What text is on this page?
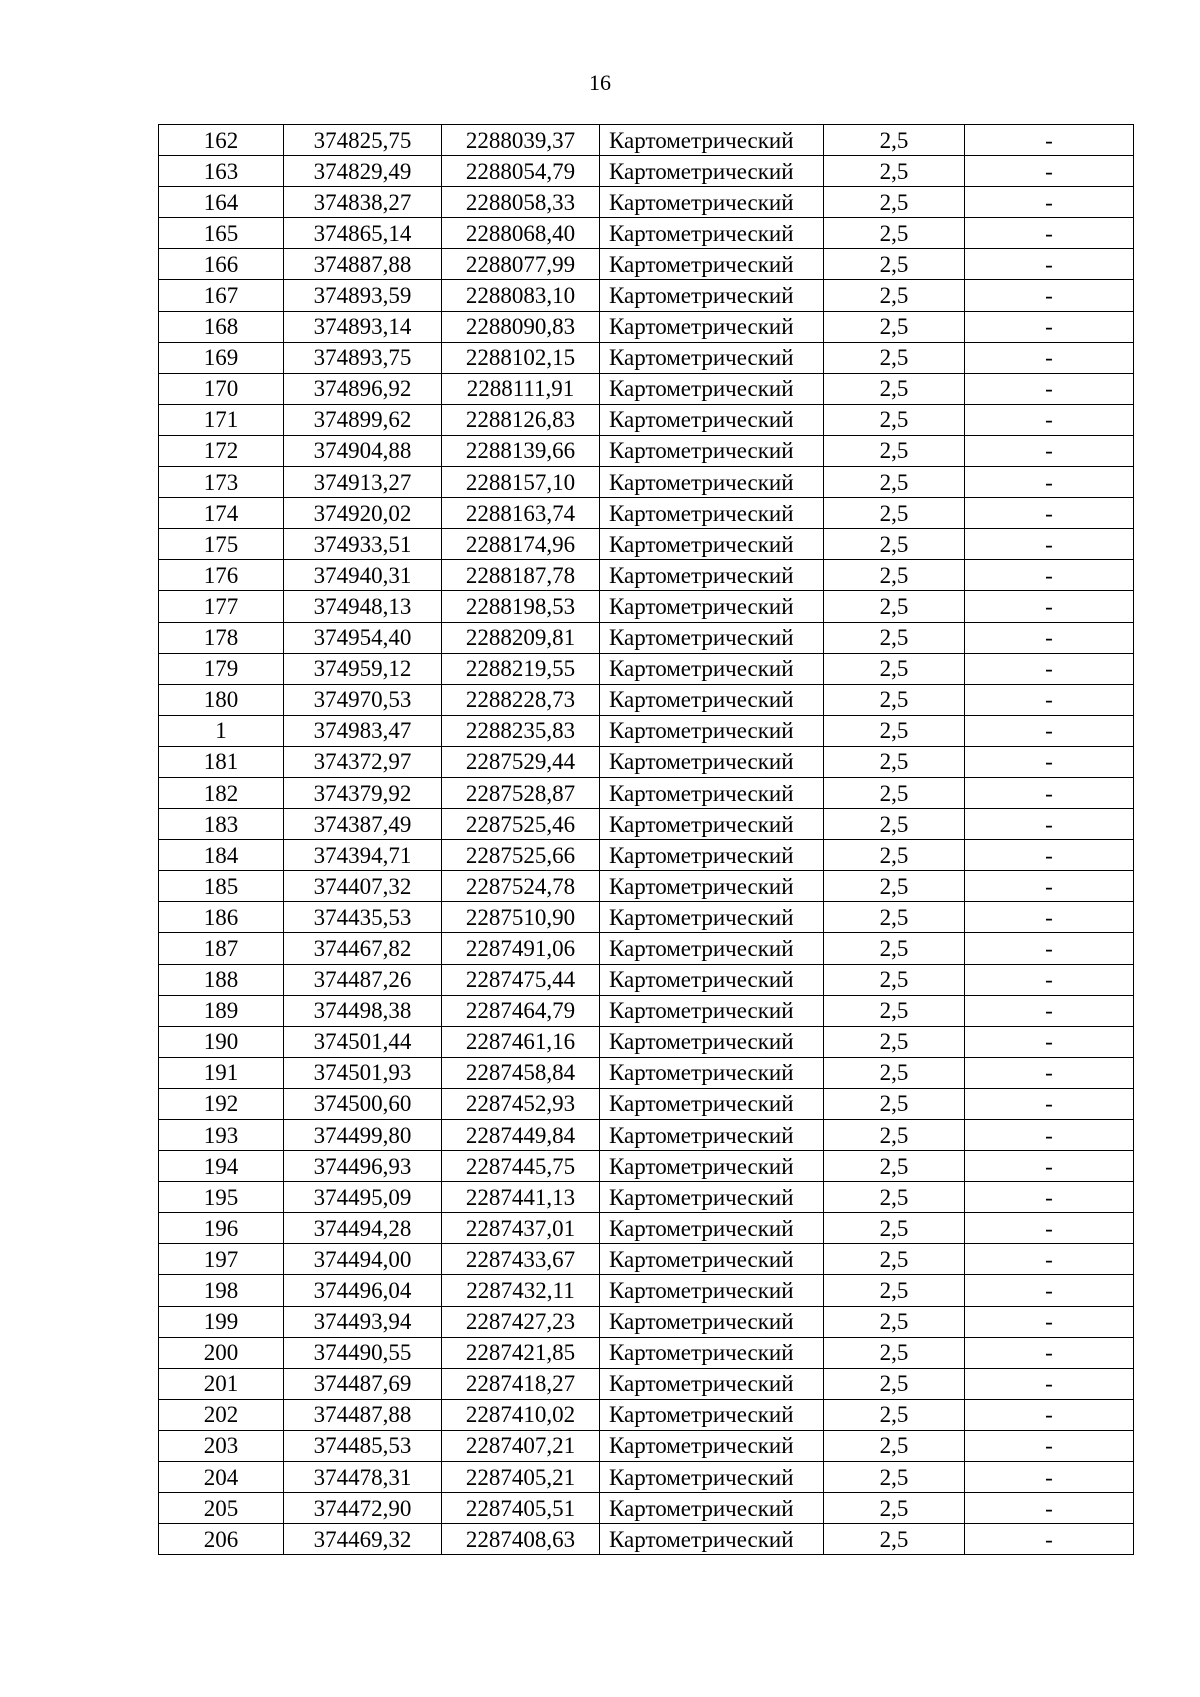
16
162	374825,75	2288039,37	Картометрический	2,5	-
163	374829,49	2288054,79	Картометрический	2,5	-
164	374838,27	2288058,33	Картометрический	2,5	-
165	374865,14	2288068,40	Картометрический	2,5	-
166	374887,88	2288077,99	Картометрический	2,5	-
167	374893,59	2288083,10	Картометрический	2,5	-
168	374893,14	2288090,83	Картометрический	2,5	-
169	374893,75	2288102,15	Картометрический	2,5	-
170	374896,92	2288111,91	Картометрический	2,5	-
171	374899,62	2288126,83	Картометрический	2,5	-
172	374904,88	2288139,66	Картометрический	2,5	-
173	374913,27	2288157,10	Картометрический	2,5	-
174	374920,02	2288163,74	Картометрический	2,5	-
175	374933,51	2288174,96	Картометрический	2,5	-
176	374940,31	2288187,78	Картометрический	2,5	-
177	374948,13	2288198,53	Картометрический	2,5	-
178	374954,40	2288209,81	Картометрический	2,5	-
179	374959,12	2288219,55	Картометрический	2,5	-
180	374970,53	2288228,73	Картометрический	2,5	-
1	374983,47	2288235,83	Картометрический	2,5	-
181	374372,97	2287529,44	Картометрический	2,5	-
182	374379,92	2287528,87	Картометрический	2,5	-
183	374387,49	2287525,46	Картометрический	2,5	-
184	374394,71	2287525,66	Картометрический	2,5	-
185	374407,32	2287524,78	Картометрический	2,5	-
186	374435,53	2287510,90	Картометрический	2,5	-
187	374467,82	2287491,06	Картометрический	2,5	-
188	374487,26	2287475,44	Картометрический	2,5	-
189	374498,38	2287464,79	Картометрический	2,5	-
190	374501,44	2287461,16	Картометрический	2,5	-
191	374501,93	2287458,84	Картометрический	2,5	-
192	374500,60	2287452,93	Картометрический	2,5	-
193	374499,80	2287449,84	Картометрический	2,5	-
194	374496,93	2287445,75	Картометрический	2,5	-
195	374495,09	2287441,13	Картометрический	2,5	-
196	374494,28	2287437,01	Картометрический	2,5	-
197	374494,00	2287433,67	Картометрический	2,5	-
198	374496,04	2287432,11	Картометрический	2,5	-
199	374493,94	2287427,23	Картометрический	2,5	-
200	374490,55	2287421,85	Картометрический	2,5	-
201	374487,69	2287418,27	Картометрический	2,5	-
202	374487,88	2287410,02	Картометрический	2,5	-
203	374485,53	2287407,21	Картометрический	2,5	-
204	374478,31	2287405,21	Картометрический	2,5	-
205	374472,90	2287405,51	Картометрический	2,5	-
206	374469,32	2287408,63	Картометрический	2,5	-
